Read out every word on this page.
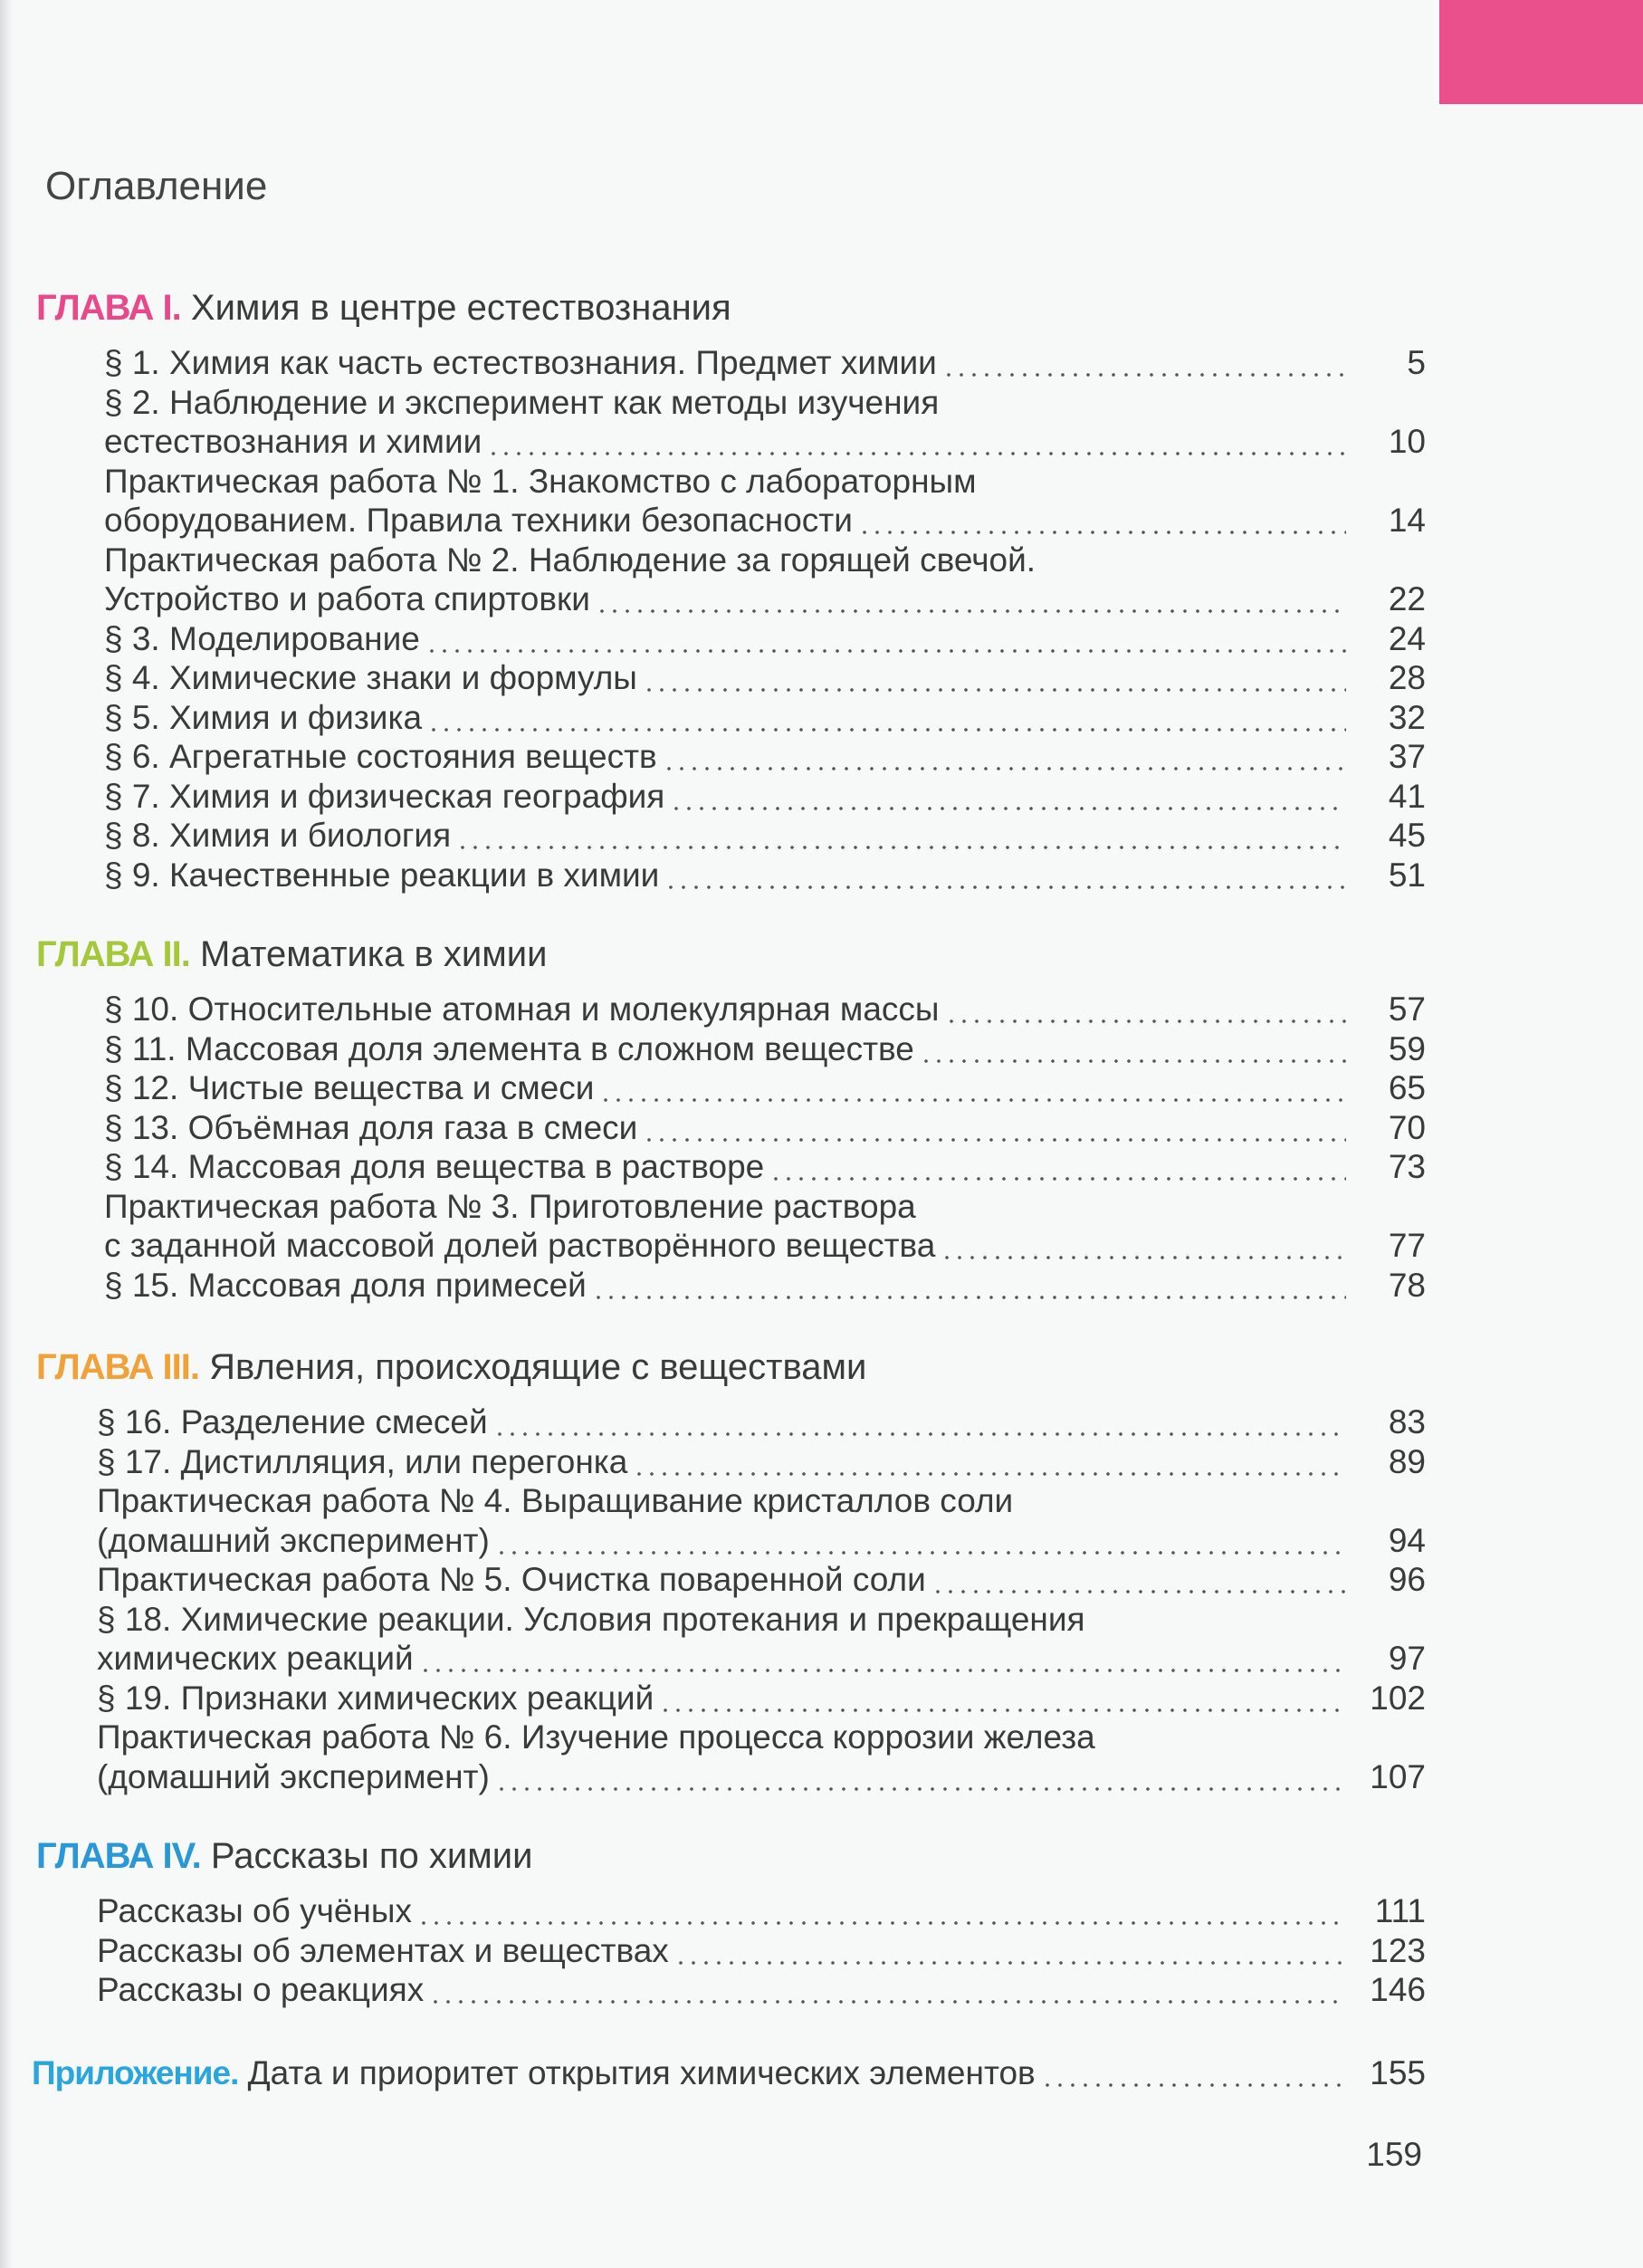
Оглавление
ГЛАВА I. Химия в центре естествознания
§ 1. Химия как часть естествознания. Предмет химии	5
§ 2. Наблюдение и эксперимент как методы изучения
естествознания и химии	10
Практическая работа № 1. Знакомство с лабораторным
оборудованием. Правила техники безопасности	14
Практическая работа № 2. Наблюдение за горящей свечой.
Устройство и работа спиртовки	22
§ 3. Моделирование	24
§ 4. Химические знаки и формулы	28
§ 5. Химия и физика	32
§ 6. Агрегатные состояния веществ	37
§ 7. Химия и физическая география	41
§ 8. Химия и биология	45
§ 9. Качественные реакции в химии	51
ГЛАВА II. Математика в химии
§ 10. Относительные атомная и молекулярная массы	57
§ 11. Массовая доля элемента в сложном веществе	59
§ 12. Чистые вещества и смеси	65
§ 13. Объёмная доля газа в смеси	70
§ 14. Массовая доля вещества в растворе	73
Практическая работа № 3. Приготовление раствора
с заданной массовой долей растворённого вещества	77
§ 15. Массовая доля примесей	78
ГЛАВА III. Явления, происходящие с веществами
§ 16. Разделение смесей	83
§ 17. Дистилляция, или перегонка	89
Практическая работа № 4. Выращивание кристаллов соли
(домашний эксперимент)	94
Практическая работа № 5. Очистка поваренной соли	96
§ 18. Химические реакции. Условия протекания и прекращения
химических реакций	97
§ 19. Признаки химических реакций	102
Практическая работа № 6. Изучение процесса коррозии железа
(домашний эксперимент)	107
ГЛАВА IV. Рассказы по химии
Рассказы об учёных	111
Рассказы об элементах и веществах	123
Рассказы о реакциях	146
Приложение. Дата и приоритет открытия химических элементов	155
159
